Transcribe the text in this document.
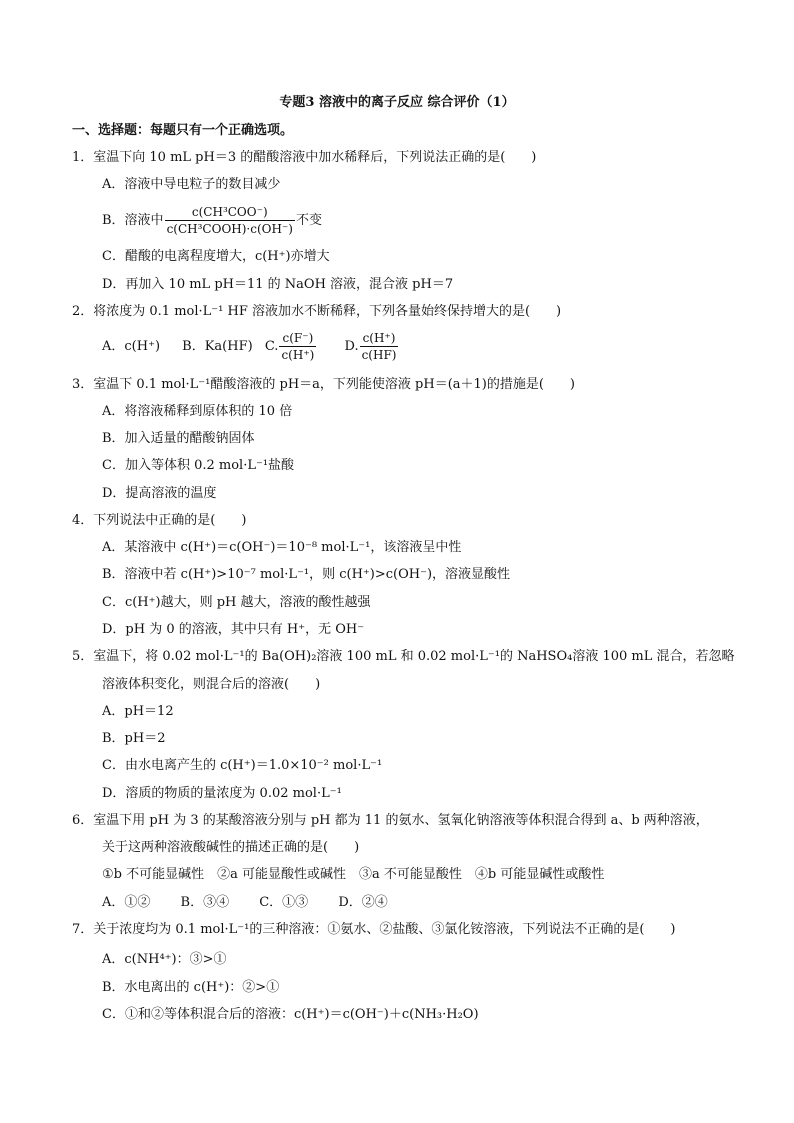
专题3 溶液中的离子反应 综合评价（1）
一、选择题：每题只有一个正确选项。
1．室温下向 10 mL pH＝3 的醋酸溶液中加水稀释后，下列说法正确的是(　　)
A．溶液中导电粒子的数目减少
B．溶液中 $\frac{\text{c(CH³COO⁻)}}{\text{c(CH³COOH)·c(OH⁻)}}$ 不变
C．醋酸的电离程度增大，c(H⁺)亦增大
D．再加入 10 mL pH＝11 的 NaOH 溶液，混合液 pH＝7
2．将浓度为 0.1 mol·L⁻¹ HF 溶液加水不断稀释，下列各量始终保持增大的是(　　)
A．c(H⁺) B．Ka(HF) C. $\frac{c(F^-)}{c(H^+)} D$. $\frac{c(H^+)}{c(HF)}$
3．室温下 0.1 mol·L⁻¹醋酸溶液的 pH＝a，下列能使溶液 pH＝(a＋1)的措施是(　　)
A．将溶液稀释到原体积的 10 倍
B．加入适量的醋酸钠固体
C．加入等体积 0.2 mol·L⁻¹盐酸
D．提高溶液的温度
4．下列说法中正确的是(　　)
A．某溶液中 c(H⁺)＝c(OH⁻)＝10⁻⁸ mol·L⁻¹，该溶液呈中性
B．溶液中若 c(H⁺)>10⁻⁷ mol·L⁻¹，则 c(H⁺)>c(OH⁻)，溶液显酸性
C．c(H⁺)越大，则 pH 越大，溶液的酸性越强
D．pH 为 0 的溶液，其中只有 H⁺，无 OH⁻
5．室温下，将 0.02 mol·L⁻¹的 Ba(OH)₂溶液 100 mL 和 0.02 mol·L⁻¹的 NaHSO₄溶液 100 mL 混合，若忽略
溶液体积变化，则混合后的溶液(　　)
A．pH＝12
B．pH＝2
C．由水电离产生的 c(H⁺)＝1.0×10⁻² mol·L⁻¹
D．溶质的物质的量浓度为 0.02 mol·L⁻¹
6．室温下用 pH 为 3 的某酸溶液分别与 pH 都为 11 的氨水、氢氧化钠溶液等体积混合得到 a、b 两种溶液，
关于这两种溶液酸碱性的描述正确的是(　　)
①b 不可能显碱性　②a 可能显酸性或碱性　③a 不可能显酸性　④b 可能显碱性或酸性
A．①② B．③④ C．①③ D．②④
7．关于浓度均为 0.1 mol·L⁻¹的三种溶液：①氨水、②盐酸、③氯化铵溶液，下列说法不正确的是(　　)
A．c(NH⁴⁺)：③>①
B．水电离出的 c(H⁺)：②>①
C．①和②等体积混合后的溶液：c(H⁺)＝c(OH⁻)＋c(NH₃·H₂O)
